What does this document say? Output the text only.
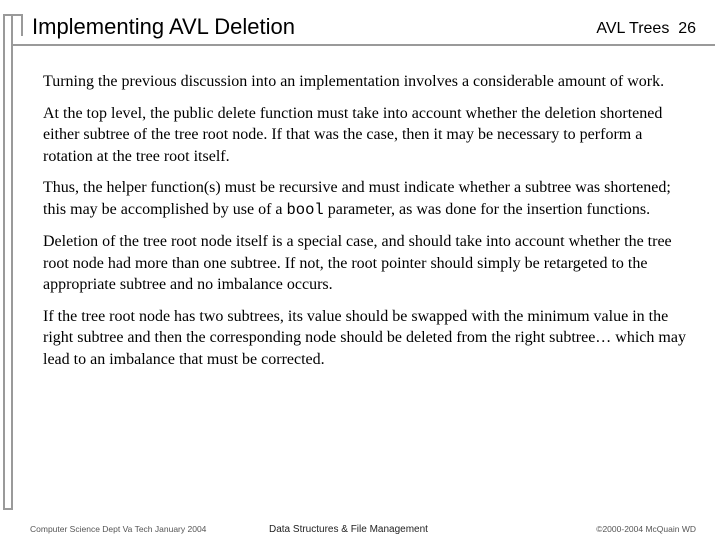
Implementing AVL Deletion	AVL Trees 26

Turning the previous discussion into an implementation involves a considerable amount of work.

At the top level, the public delete function must take into account whether the deletion shortened either subtree of the tree root node. If that was the case, then it may be necessary to perform a rotation at the tree root itself.

Thus, the helper function(s) must be recursive and must indicate whether a subtree was shortened; this may be accomplished by use of a bool parameter, as was done for the insertion functions.

Deletion of the tree root node itself is a special case, and should take into account whether the tree root node had more than one subtree. If not, the root pointer should simply be retargeted to the appropriate subtree and no imbalance occurs.

If the tree root node has two subtrees, its value should be swapped with the minimum value in the right subtree and then the corresponding node should be deleted from the right subtree… which may lead to an imbalance that must be corrected.

Computer Science Dept Va Tech January 2004	Data Structures & File Management	©2000-2004 McQuain WD
